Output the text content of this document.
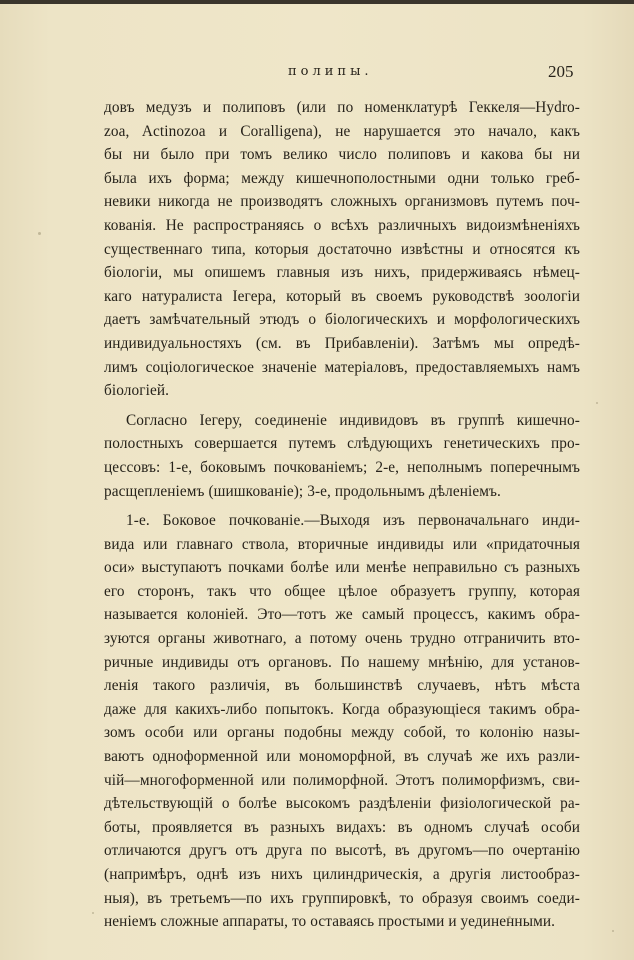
полипы.	205
довъ медузъ и полиповъ (или по номенклатурѣ Геккеля—Hydro-
zoa, Actinozoa и Coralligena), не нарушается это начало, какъ
бы ни было при томъ велико число полиповъ и какова бы ни
была ихъ форма; между кишечнополостными одни только греб-
невики никогда не производятъ сложныхъ организмовъ путемъ поч-
кованія. Не распространяясь о всѣхъ различныхъ видоизмѣненіяхъ
существеннаго типа, которыя достаточно извѣстны и относятся къ
біологіи, мы опишемъ главныя изъ нихъ, придерживаясь нѣмец-
каго натуралиста Іегера, который въ своемъ руководствѣ зоологіи
даетъ замѣчательный этюдъ о біологическихъ и морфологическихъ
индивидуальностяхъ (см. въ Прибавленіи). Затѣмъ мы опредѣ-
лимъ соціологическое значеніе матеріаловъ, предоставляемыхъ намъ
біологіей.
Согласно Іегеру, соединеніе индивидовъ въ группѣ кишечно-
полостныхъ совершается путемъ слѣдующихъ генетическихъ про-
цессовъ: 1-е, боковымъ почкованіемъ; 2-е, неполнымъ поперечнымъ
расщепленіемъ (шишкованіе); 3-е, продольнымъ дѣленіемъ.
1-е. Боковое почкованіе.—Выходя изъ первоначальнаго инди-
вида или главнаго ствола, вторичные индивиды или «придаточныя
оси» выступаютъ почками болѣе или менѣе неправильно съ разныхъ
его сторонъ, такъ что общее цѣлое образуетъ группу, которая
называется колоніей. Это—тотъ же самый процессъ, какимъ обра-
зуются органы животнаго, а потому очень трудно отграничить вто-
ричные индивиды отъ органовъ. По нашему мнѣнію, для установ-
ленія такого различія, въ большинствѣ случаевъ, нѣтъ мѣста
даже для какихъ-либо попытокъ. Когда образующіеся такимъ обра-
зомъ особи или органы подобны между собой, то колонію назы-
ваютъ одноформенной или мономорфной, въ случаѣ же ихъ разли-
чій—многоформенной или полиморфной. Этотъ полиморфизмъ, сви-
дѣтельствующій о болѣе высокомъ раздѣленіи физіологической ра-
боты, проявляется въ разныхъ видахъ: въ одномъ случаѣ особи
отличаются другъ отъ друга по высотѣ, въ другомъ—по очертанію
(напримѣръ, однѣ изъ нихъ цилиндрическія, а другія листообраз-
ныя), въ третьемъ—по ихъ группировкѣ, то образуя своимъ соеди-
неніемъ сложные аппараты, то оставаясь простыми и уединенными.
